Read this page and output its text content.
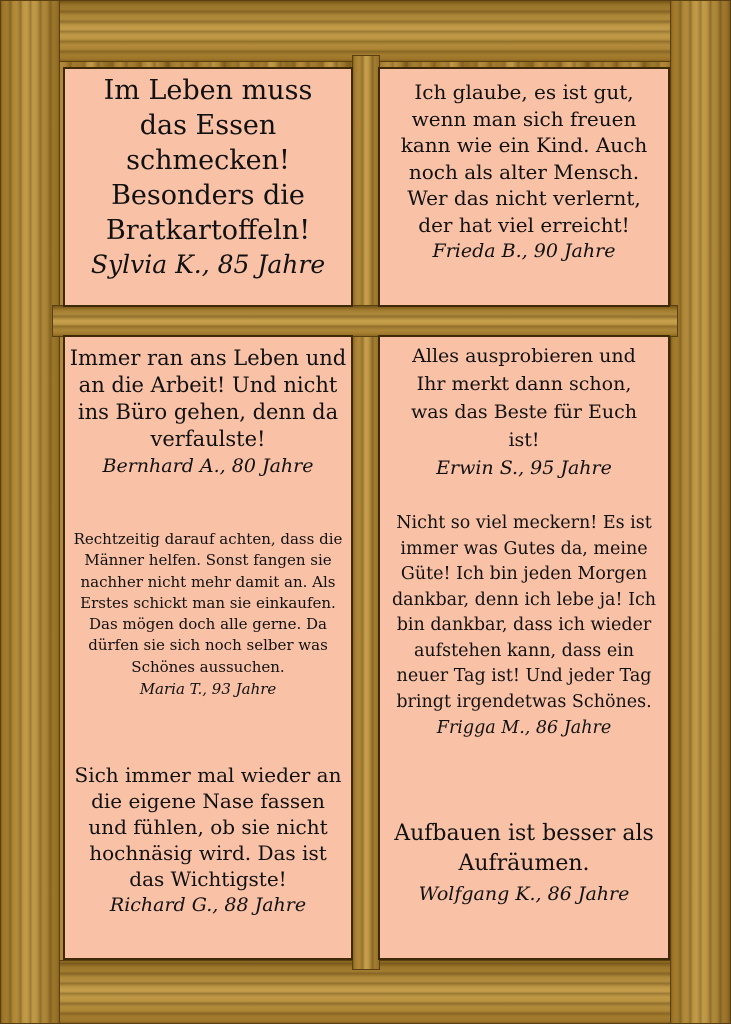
Im Leben muss das Essen schmecken! Besonders die Bratkartoffeln!

Sylvia K., 85 Jahre

Ich glaube, es ist gut, wenn man sich freuen kann wie ein Kind. Auch noch als alter Mensch. Wer das nicht verlernt, der hat viel erreicht!

Frieda B., 90 Jahre

Immer ran ans Leben und an die Arbeit! Und nicht ins Büro gehen, denn da verfaulste!

Bernhard A., 80 Jahre

Rechtzeitig darauf achten, dass die Männer helfen. Sonst fangen sie nachher nicht mehr damit an. Als Erstes schickt man sie einkaufen. Das mögen doch alle gerne. Da dürfen sie sich noch selber was Schönes aussuchen.

Maria T., 93 Jahre

Sich immer mal wieder an die eigene Nase fassen und fühlen, ob sie nicht hochnäsig wird. Das ist das Wichtigste!

Richard G., 88 Jahre

Alles ausprobieren und Ihr merkt dann schon, was das Beste für Euch ist!

Erwin S., 95 Jahre

Nicht so viel meckern! Es ist immer was Gutes da, meine Güte! Ich bin jeden Morgen dankbar, denn ich lebe ja! Ich bin dankbar, dass ich wieder aufstehen kann, dass ein neuer Tag ist! Und jeder Tag bringt irgendetwas Schönes.

Frigga M., 86 Jahre

Aufbauen ist besser als Aufräumen.

Wolfgang K., 86 Jahre
